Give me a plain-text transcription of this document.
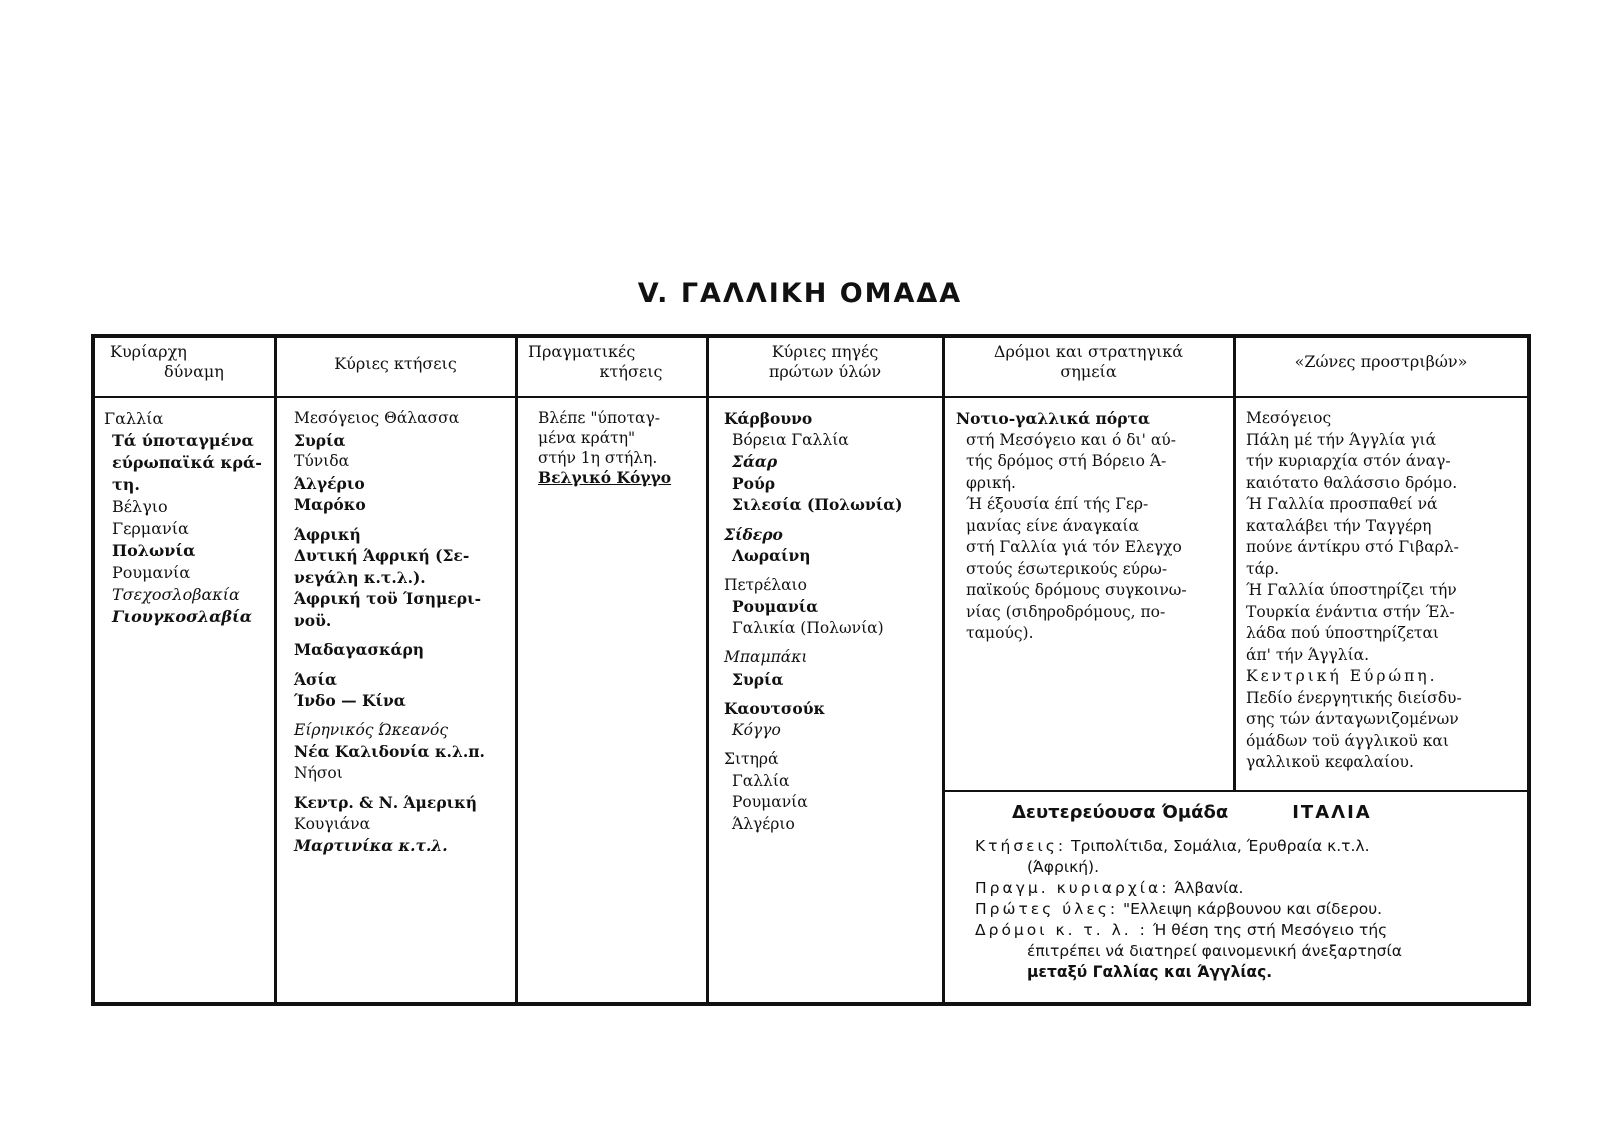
V. ΓΑΛΛΙΚΗ ΟΜΑΔΑ
Κυρίαρχη
δύναμη	Κύριες κτήσεις
Πραγματικές
κτήσεις
Κύριες πηγές
πρώτων ύλών
Δρόμοι και στρατηγικά
σημεία
«Ζώνες προστριβών»
Γαλλία
Τά ύποταγμένα
εύρωπαϊκά κρά-
τη.
Βέλγιο
Γερμανία
Πολωνία
Ρουμανία
Τσεχοσλοβακία
Γιουγκοσλαβία
Μεσόγειος Θάλασσα
Συρία
Τύνιδα
Άλγέριο
Μαρόκο
Άφρική
Δυτική Άφρική (Σε-
νεγάλη κ.τ.λ.).
Άφρική τοϋ Ίσημερι-
νοϋ.
Μαδαγασκάρη
Άσία
Ίνδο — Κίνα
Είρηνικός Ώκεανός
Νέα Καλιδονία κ.λ.π.
Νήσοι
Κεντρ. & Ν. Άμερική
Κουγιάνα
Μαρτινίκα κ.τ.λ.
Βλέπε "ύποταγ-
μένα κράτη"
στήν 1η στήλη.
Βελγικό Κόγγο
Κάρβουνο
Βόρεια Γαλλία
Σάαρ
Ρούρ
Σιλεσία (Πολωνία)
Σίδερο
Λωραίνη
Πετρέλαιο
Ρουμανία
Γαλικία (Πολωνία)
Μπαμπάκι
Συρία
Καουτσούκ
Κόγγο
Σιτηρά
Γαλλία
Ρουμανία
Άλγέριο
Νοτιο-γαλλικά πόρτα
στή Μεσόγειο και ό δι' αύ-
τής δρόμος στή Βόρειο Ά-
φρική.
Ή έξουσία έπί τής Γερ-
μανίας είνε άναγκαία
στή Γαλλία γιά τόν Ελεγχο
στούς έσωτερικούς εύρω-
παϊκούς δρόμους συγκοινω-
νίας (σιδηροδρόμους, πο-
ταμούς).
Μεσόγειος
Πάλη μέ τήν Άγγλία γιά
τήν κυριαρχία στόν άναγ-
καιότατο θαλάσσιο δρόμο.
Ή Γαλλία προσπαθεί νά
καταλάβει τήν Ταγγέρη
πούνε άντίκρυ στό Γιβαρλ-
τάρ.
Ή Γαλλία ύποστηρίζει τήν
Τουρκία ένάντια στήν Έλ-
λάδα πού ύποστηρίζεται
άπ' τήν Άγγλία.
Κεντρική Εύρώπη.
Πεδίο ένεργητικής διείσδυ-
σης τών άνταγωνιζομένων
όμάδων τοϋ άγγλικοϋ και
γαλλικοϋ κεφαλαίου.
Δευτερεύουσα Όμάδα	ΙΤΑΛΙΑ
Κτήσεις: Τριπολίτιδα, Σομάλια, Έρυθραία κ.τ.λ.
(Άφρική).
Πραγμ. κυριαρχία: Άλβανία.
Πρώτες ύλες: "Ελλειψη κάρβουνου και σίδερου.
Δρόμοι κ. τ. λ. : Ή θέση της στή Μεσόγειο τής
έπιτρέπει νά διατηρεί φαινομενική άνεξαρτησία
μεταξύ Γαλλίας και Άγγλίας.
